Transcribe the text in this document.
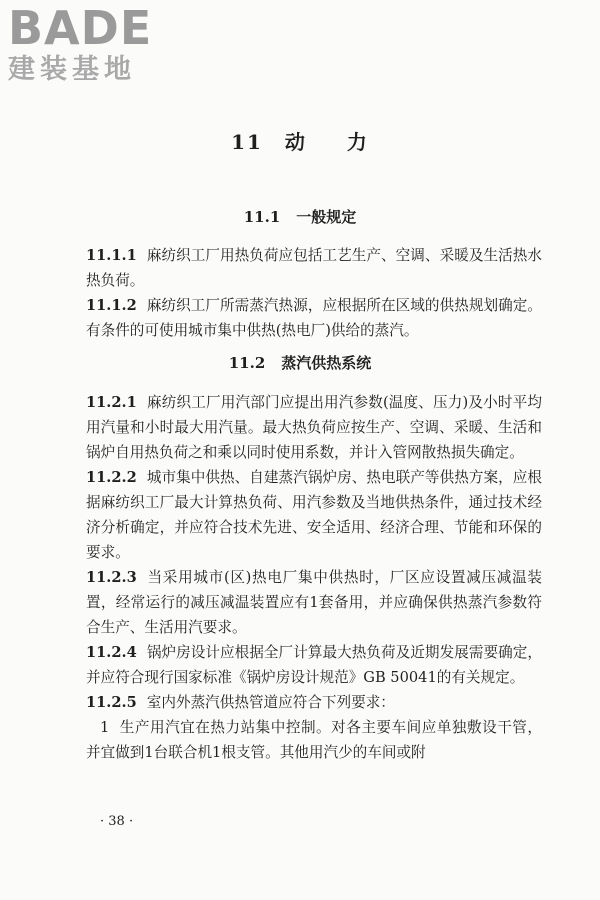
BADE
建装基地
11 动 力
11.1 一般规定

11.1.1 麻纺织工厂用热负荷应包括工艺生产、空调、采暖及生活热水热负荷。

11.1.2 麻纺织工厂所需蒸汽热源，应根据所在区域的供热规划确定。有条件的可使用城市集中供热(热电厂)供给的蒸汽。

11.2 蒸汽供热系统

11.2.1 麻纺织工厂用汽部门应提出用汽参数(温度、压力)及小时平均用汽量和小时最大用汽量。最大热负荷应按生产、空调、采暖、生活和锅炉自用热负荷之和乘以同时使用系数，并计入管网散热损失确定。

11.2.2 城市集中供热、自建蒸汽锅炉房、热电联产等供热方案，应根据麻纺织工厂最大计算热负荷、用汽参数及当地供热条件，通过技术经济分析确定，并应符合技术先进、安全适用、经济合理、节能和环保的要求。

11.2.3 当采用城市(区)热电厂集中供热时，厂区应设置减压减温装置，经常运行的减压减温装置应有1套备用，并应确保供热蒸汽参数符合生产、生活用汽要求。

11.2.4 锅炉房设计应根据全厂计算最大热负荷及近期发展需要确定，并应符合现行国家标准《锅炉房设计规范》GB 50041的有关规定。

11.2.5 室内外蒸汽供热管道应符合下列要求：

1 生产用汽宜在热力站集中控制。对各主要车间应单独敷设干管，并宜做到1台联合机1根支管。其他用汽少的车间或附

· 38 ·
